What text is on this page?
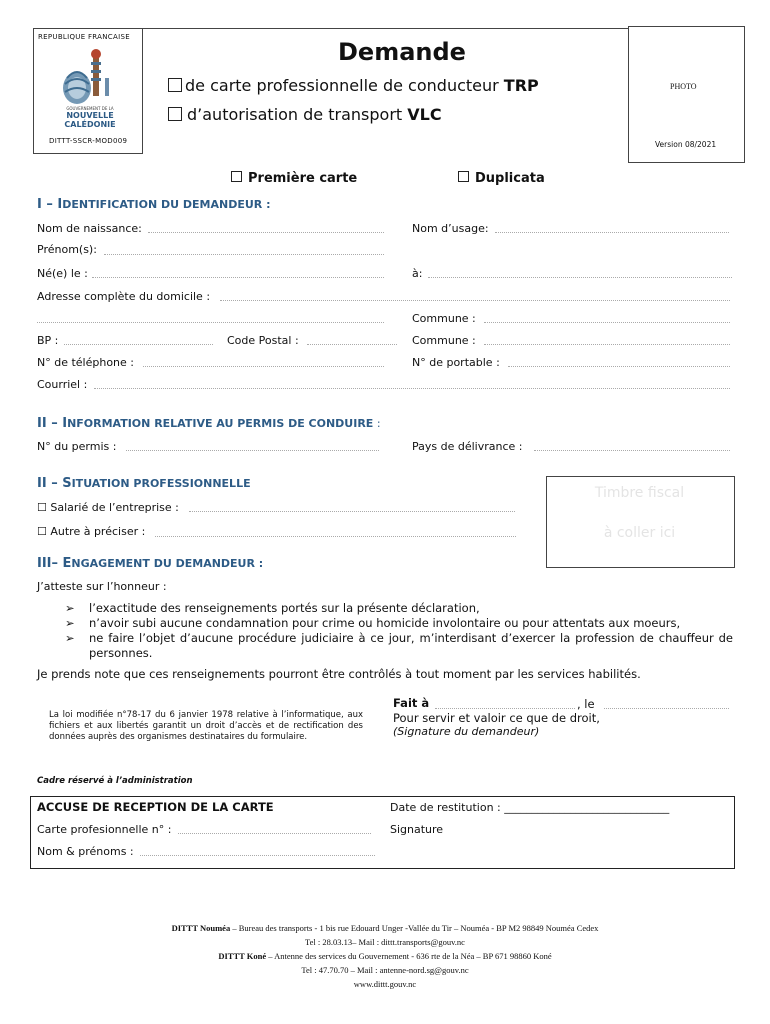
REPUBLIQUE FRANCAISE
GOUVERNEMENT DE LA
NOUVELLE
CALÉDONIE
DITTT-SSCR-MOD009
Demande
de carte professionnelle de conducteur TRP
d’autorisation de transport VLC
PHOTO
Version 08/2021
Première carte	Duplicata
I – IDENTIFICATION DU DEMANDEUR :
Nom de naissance:	Nom d’usage:
Prénom(s):
Né(e) le :	à:
Adresse complète du domicile :
Commune :
BP :	Code Postal :	Commune :
N° de téléphone :	N° de portable :
Courriel :
II – INFORMATION RELATIVE AU PERMIS DE CONDUIRE :
N° du permis :	Pays de délivrance :
II – SITUATION PROFESSIONNELLE
☐ Salarié de l’entreprise :
☐ Autre à préciser :
Timbre fiscal
à coller ici
III– ENGAGEMENT DU DEMANDEUR :
J’atteste sur l’honneur :
➢ l’exactitude des renseignements portés sur la présente déclaration,
➢ n’avoir subi aucune condamnation pour crime ou homicide involontaire ou pour attentats aux moeurs,
➢ ne faire l’objet d’aucune procédure judiciaire à ce jour, m’interdisant d’exercer la profession de chauffeur de personnes.
Je prends note que ces renseignements pourront être contrôlés à tout moment par les services habilités.
La loi modifiée n°78-17 du 6 janvier 1978 relative à l’informatique, aux fichiers et aux libertés garantit un droit d’accès et de rectification des données auprès des organismes destinataires du formulaire.
Fait à	, le
Pour servir et valoir ce que de droit,
(Signature du demandeur)
Cadre réservé à l’administration
ACCUSE DE RECEPTION DE LA CARTE	Date de restitution : ______________________________
Carte profesionnelle n° :	Signature
Nom & prénoms :
DITTT Nouméa – Bureau des transports - 1 bis rue Edouard Unger -Vallée du Tir – Nouméa - BP M2 98849 Nouméa Cedex
Tel : 28.03.13– Mail : dittt.transports@gouv.nc
DITTT Koné – Antenne des services du Gouvernement - 636 rte de la Néa – BP 671 98860 Koné
Tel : 47.70.70 – Mail : antenne-nord.sg@gouv.nc
www.dittt.gouv.nc
